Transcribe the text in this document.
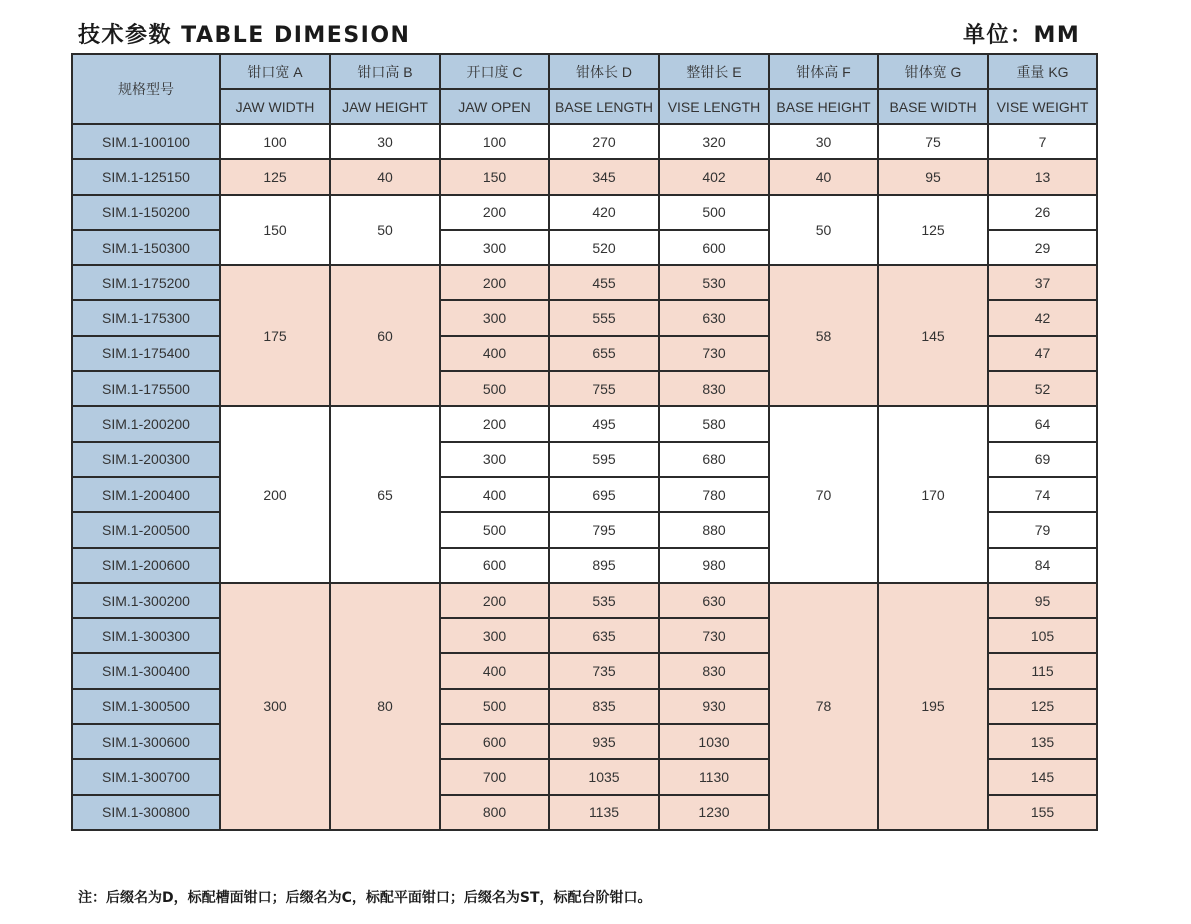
技术参数 TABLE DIMESION	单位：MM
规格型号	钳口宽 A	钳口高 B	开口度 C	钳体长 D	整钳长 E	钳体高 F	钳体宽 G	重量 KG
	JAW WIDTH	JAW HEIGHT	JAW OPEN	BASE LENGTH	VISE LENGTH	BASE HEIGHT	BASE WIDTH	VISE WEIGHT
SIM.1-100100	100	30	100	270	320	30	75	7
SIM.1-125150	125	40	150	345	402	40	95	13
SIM.1-150200	150	50	200	420	500	50	125	26
SIM.1-150300			300	520	600			29
SIM.1-175200	175	60	200	455	530	58	145	37
SIM.1-175300			300	555	630			42
SIM.1-175400			400	655	730			47
SIM.1-175500			500	755	830			52
SIM.1-200200	200	65	200	495	580	70	170	64
SIM.1-200300			300	595	680			69
SIM.1-200400			400	695	780			74
SIM.1-200500			500	795	880			79
SIM.1-200600			600	895	980			84
SIM.1-300200	300	80	200	535	630	78	195	95
SIM.1-300300			300	635	730			105
SIM.1-300400			400	735	830			115
SIM.1-300500			500	835	930			125
SIM.1-300600			600	935	1030			135
SIM.1-300700			700	1035	1130			145
SIM.1-300800			800	1135	1230			155
注：后缀名为D，标配槽面钳口；后缀名为C，标配平面钳口；后缀名为ST，标配台阶钳口。
